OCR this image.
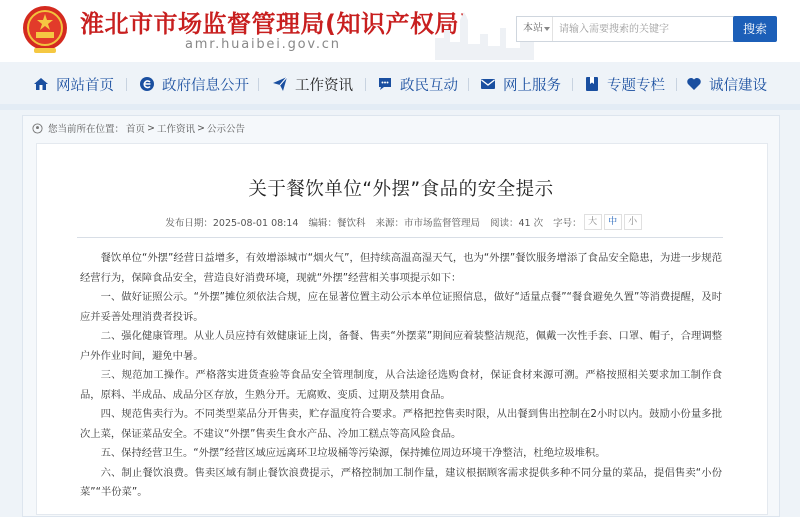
淮北市市场监督管理局(知识产权局)
amr.huaibei.gov.cn
本站
请输入需要搜索的关键字	搜索
网站首页	政府信息公开	工作资讯	政民互动	网上服务	专题专栏	诚信建设
您当前所在位置： 首页 > 工作资讯 > 公示公告
关于餐饮单位“外摆”食品的安全提示
发布日期：2025-08-01 08:14 编辑：餐饮科 来源：市市场监督管理局 阅读：41 次 字号： 大	中	小

餐饮单位“外摆”经营日益增多，有效增添城市“烟火气”，但持续高温高湿天气，也为“外摆”餐饮服务增添了食品安全隐患，为进一步规范经营行为，保障食品安全，营造良好消费环境，现就“外摆”经营相关事项提示如下：

一、做好证照公示。“外摆”摊位须依法合规，应在显著位置主动公示本单位证照信息，做好“适量点餐”“餐食避免久置”等消费提醒，及时应并妥善处理消费者投诉。

二、强化健康管理。从业人员应持有效健康证上岗，备餐、售卖“外摆菜”期间应着装整洁规范，佩戴一次性手套、口罩、帽子，合理调整户外作业时间，避免中暑。

三、规范加工操作。严格落实进货查验等食品安全管理制度，从合法途径选购食材，保证食材来源可溯。严格按照相关要求加工制作食品，原料、半成品、成品分区存放，生熟分开。无腐败、变质、过期及禁用食品。

四、规范售卖行为。不同类型菜品分开售卖，贮存温度符合要求。严格把控售卖时限，从出餐到售出控制在2小时以内。鼓励小份量多批次上菜，保证菜品安全。不建议“外摆”售卖生食水产品、冷加工糕点等高风险食品。

五、保持经营卫生。“外摆”经营区域应远离环卫垃圾桶等污染源，保持摊位周边环境干净整洁，杜绝垃圾堆积。

六、制止餐饮浪费。售卖区域有制止餐饮浪费提示，严格控制加工制作量，建议根据顾客需求提供多种不同分量的菜品，提倡售卖“小份菜”“半份菜”。
